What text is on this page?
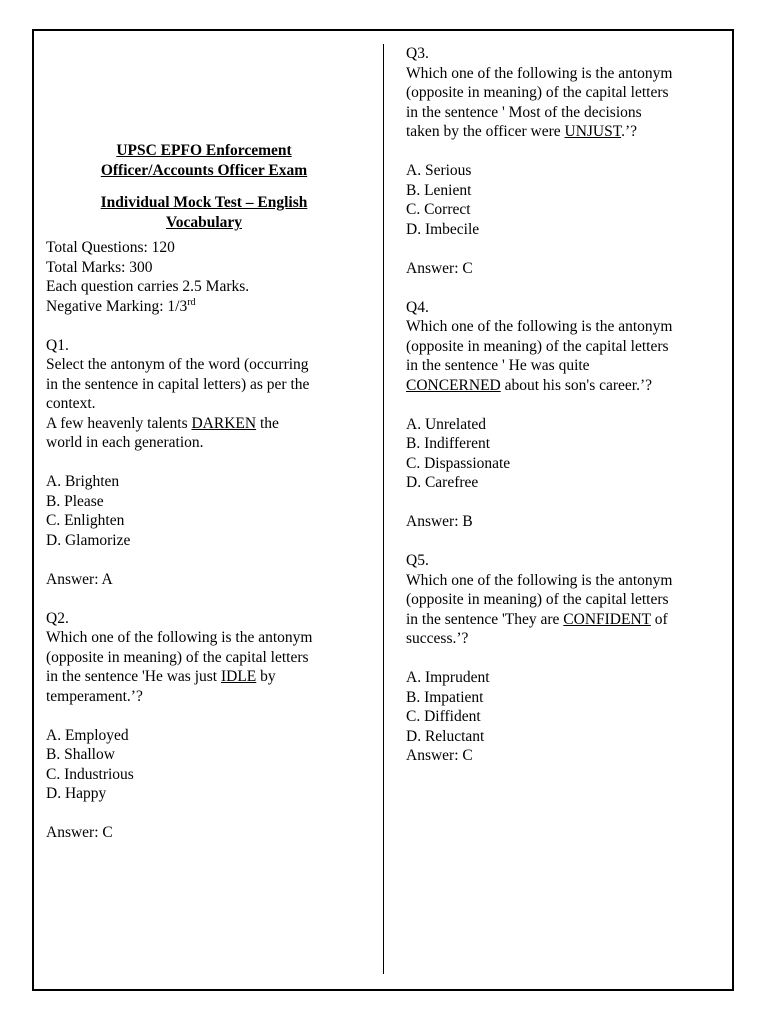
UPSC EPFO Enforcement
Officer/Accounts Officer Exam
Individual Mock Test – English
Vocabulary
Total Questions: 120
Total Marks: 300
Each question carries 2.5 Marks.
Negative Marking: 1/3rd
Q1.
Select the antonym of the word (occurring
in the sentence in capital letters) as per the
context.
A few heavenly talents DARKEN the
world in each generation.
A. Brighten
B. Please
C. Enlighten
D. Glamorize
Answer: A
Q2.
Which one of the following is the antonym
(opposite in meaning) of the capital letters
in the sentence 'He was just IDLE by
temperament.’?
A. Employed
B. Shallow
C. Industrious
D. Happy
Answer: C
Q3.
Which one of the following is the antonym
(opposite in meaning) of the capital letters
in the sentence ' Most of the decisions
taken by the officer were UNJUST.’?
A. Serious
B. Lenient
C. Correct
D. Imbecile
Answer: C
Q4.
Which one of the following is the antonym
(opposite in meaning) of the capital letters
in the sentence ' He was quite
CONCERNED about his son's career.’?
A. Unrelated
B. Indifferent
C. Dispassionate
D. Carefree
Answer: B
Q5.
Which one of the following is the antonym
(opposite in meaning) of the capital letters
in the sentence 'They are CONFIDENT of
success.’?
A. Imprudent
B. Impatient
C. Diffident
D. Reluctant
Answer: C
